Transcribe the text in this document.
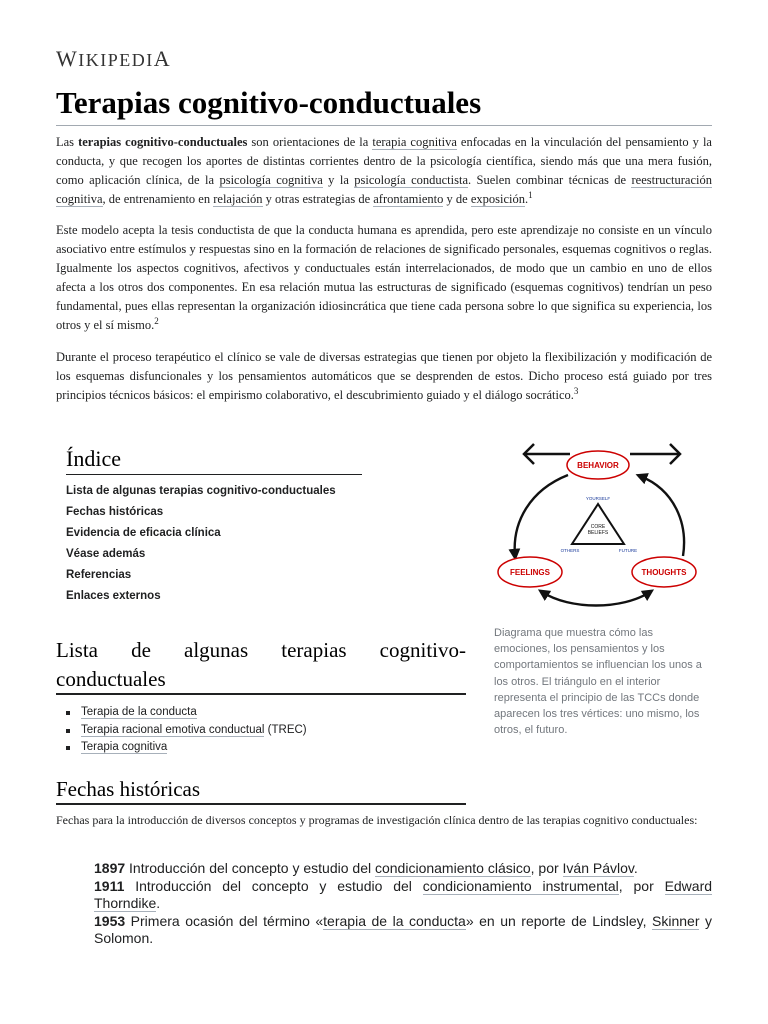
WIKIPEDIA
Terapias cognitivo-conductuales

Las terapias cognitivo-conductuales son orientaciones de la terapia cognitiva enfocadas en la vinculación del pensamiento y la conducta, y que recogen los aportes de distintas corrientes dentro de la psicología científica, siendo más que una mera fusión, como aplicación clínica, de la psicología cognitiva y la psicología conductista. Suelen combinar técnicas de reestructuración cognitiva, de entrenamiento en relajación y otras estrategias de afrontamiento y de exposición.$^1$

Este modelo acepta la tesis conductista de que la conducta humana es aprendida, pero este aprendizaje no consiste en un vínculo asociativo entre estímulos y respuestas sino en la formación de relaciones de significado personales, esquemas cognitivos o reglas. Igualmente los aspectos cognitivos, afectivos y conductuales están interrelacionados, de modo que un cambio en uno de ellos afecta a los otros dos componentes. En esa relación mutua las estructuras de significado (esquemas cognitivos) tendrían un peso fundamental, pues ellas representan la organización idiosincrática que tiene cada persona sobre lo que significa su experiencia, los otros y el sí mismo.$^2$

Durante el proceso terapéutico el clínico se vale de diversas estrategias que tienen por objeto la flexibilización y modificación de los esquemas disfuncionales y los pensamientos automáticos que se desprenden de estos. Dicho proceso está guiado por tres principios técnicos básicos: el empirismo colaborativo, el descubrimiento guiado y el diálogo socrático.$^3$

Índice
Lista de algunas terapias cognitivo-conductuales
Fechas históricas
Evidencia de eficacia clínica
Véase además
Referencias
Enlaces externos
CORE
BELIEFS
YOURSELF
OTHERS	FUTURE
BEHAVIOR
FEELINGS	THOUGHTS

Diagrama que muestra cómo las emociones, los pensamientos y los comportamientos se influencian los unos a los otros. El triángulo en el interior representa el principio de las TCCs donde aparecen los tres vértices: uno mismo, los otros, el futuro.

Lista de algunas terapias cognitivo-
conductuales
Terapia de la conducta
Terapia racional emotiva conductual (TREC)
Terapia cognitiva
Fechas históricas

Fechas para la introducción de diversos conceptos y programas de investigación clínica dentro de las terapias cognitivo conductuales:

1897 Introducción del concepto y estudio del condicionamiento clásico, por Iván Pávlov.

1911 Introducción del concepto y estudio del condicionamiento instrumental, por Edward Thorndike.

1953 Primera ocasión del término «terapia de la conducta» en un reporte de Lindsley, Skinner y Solomon.
